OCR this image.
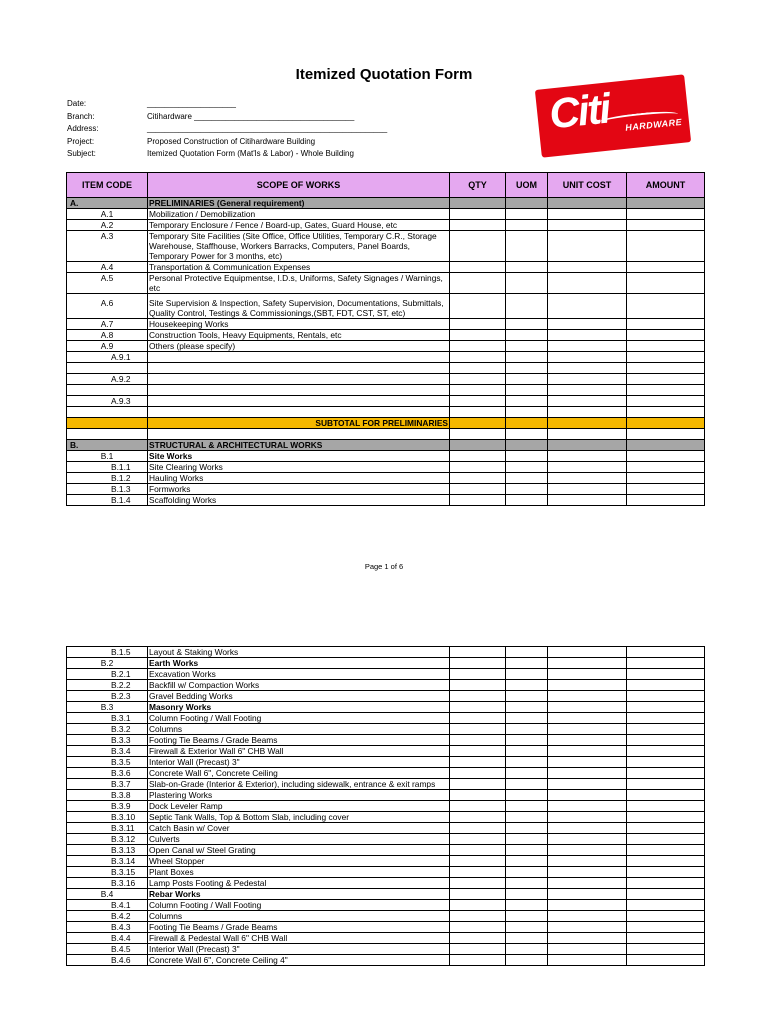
Itemized Quotation Form
Date:	____________________
Branch:	Citihardware ____________________________________
Address:	______________________________________________________
Project:	Proposed Construction of Citihardware Building
Subject:	Itemized Quotation Form (Mat'ls & Labor) - Whole Building
Citi HARDWARE
ITEM CODE	SCOPE OF WORKS	QTY	UOM	UNIT COST	AMOUNT
A.	PRELIMINARIES (General requirement)				
A.1	Mobilization / Demobilization				
A.2	Temporary Enclosure / Fence / Board-up, Gates, Guard House, etc				
A.3	Temporary Site Facilities (Site Office, Office Utilities, Temporary C.R., Storage Warehouse, Staffhouse, Workers Barracks, Computers, Panel Boards, Temporary Power for 3 months, etc)				
A.4	Transportation & Communication Expenses				
A.5	Personal Protective Equipmentse, I.D.s, Uniforms, Safety Signages / Warnings, etc				
A.6	Site Supervision & Inspection, Safety Supervision, Documentations, Submittals, Quality Control, Testings & Commissionings,(SBT, FDT, CST, ST, etc)				
A.7	Housekeeping Works				
A.8	Construction Tools, Heavy Equipments, Rentals, etc				
A.9	Others (please specify)				
A.9.1					

A.9.2					

A.9.3					

	SUBTOTAL FOR PRELIMINARIES				

B.	STRUCTURAL & ARCHITECTURAL WORKS				
B.1	Site Works				
B.1.1	Site Clearing Works				
B.1.2	Hauling Works				
B.1.3	Formworks				
B.1.4	Scaffolding Works				
Page 1 of 6
B.1.5	Layout & Staking Works				
B.2	Earth Works				
B.2.1	Excavation Works				
B.2.2	Backfill w/ Compaction Works				
B.2.3	Gravel Bedding Works				
B.3	Masonry Works				
B.3.1	Column Footing / Wall Footing				
B.3.2	Columns				
B.3.3	Footing Tie Beams / Grade Beams				
B.3.4	Firewall & Exterior Wall 6" CHB Wall				
B.3.5	Interior Wall (Precast) 3"				
B.3.6	Concrete Wall 6", Concrete Ceiling				
B.3.7	Slab-on-Grade (Interior & Exterior), including sidewalk, entrance & exit ramps				
B.3.8	Plastering Works				
B.3.9	Dock Leveler Ramp				
B.3.10	Septic Tank Walls, Top & Bottom Slab, including cover				
B.3.11	Catch Basin w/ Cover				
B.3.12	Culverts				
B.3.13	Open Canal w/ Steel Grating				
B.3.14	Wheel Stopper				
B.3.15	Plant Boxes				
B.3.16	Lamp Posts Footing & Pedestal				
B.4	Rebar Works				
B.4.1	Column Footing / Wall Footing				
B.4.2	Columns				
B.4.3	Footing Tie Beams / Grade Beams				
B.4.4	Firewall & Pedestal Wall 6" CHB Wall				
B.4.5	Interior Wall (Precast) 3"				
B.4.6	Concrete Wall 6", Concrete Ceiling 4"				
